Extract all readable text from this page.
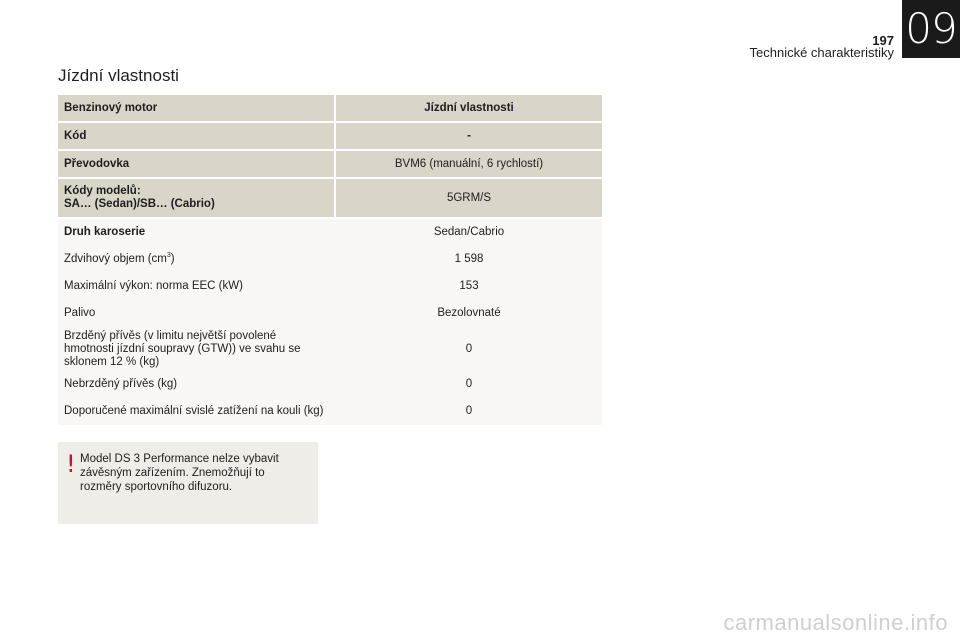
09
197
Technické charakteristiky
Jízdní vlastnosti
Benzinový motor	Jízdní vlastnosti
Kód	-
Převodovka	BVM6 (manuální, 6 rychlostí)
Kódy modelů:
SA… (Sedan)/SB… (Cabrio)	5GRM/S
Druh karoserie	Sedan/Cabrio
Zdvihový objem $(cm^3)$	1 598
Maximální výkon: norma EEC (kW)	153
Palivo	Bezolovnaté
Brzděný přívěs (v limitu největší povolené hmotnosti jízdní soupravy (GTW)) ve svahu se sklonem 12 % (kg)	0
Nebrzděný přívěs (kg)	0
Doporučené maximální svislé zatížení na kouli (kg)	0
! Model DS 3 Performance nelze vybavit závěsným zařízením. Znemožňují to rozměry sportovního difuzoru.
carmanualsonline.info
